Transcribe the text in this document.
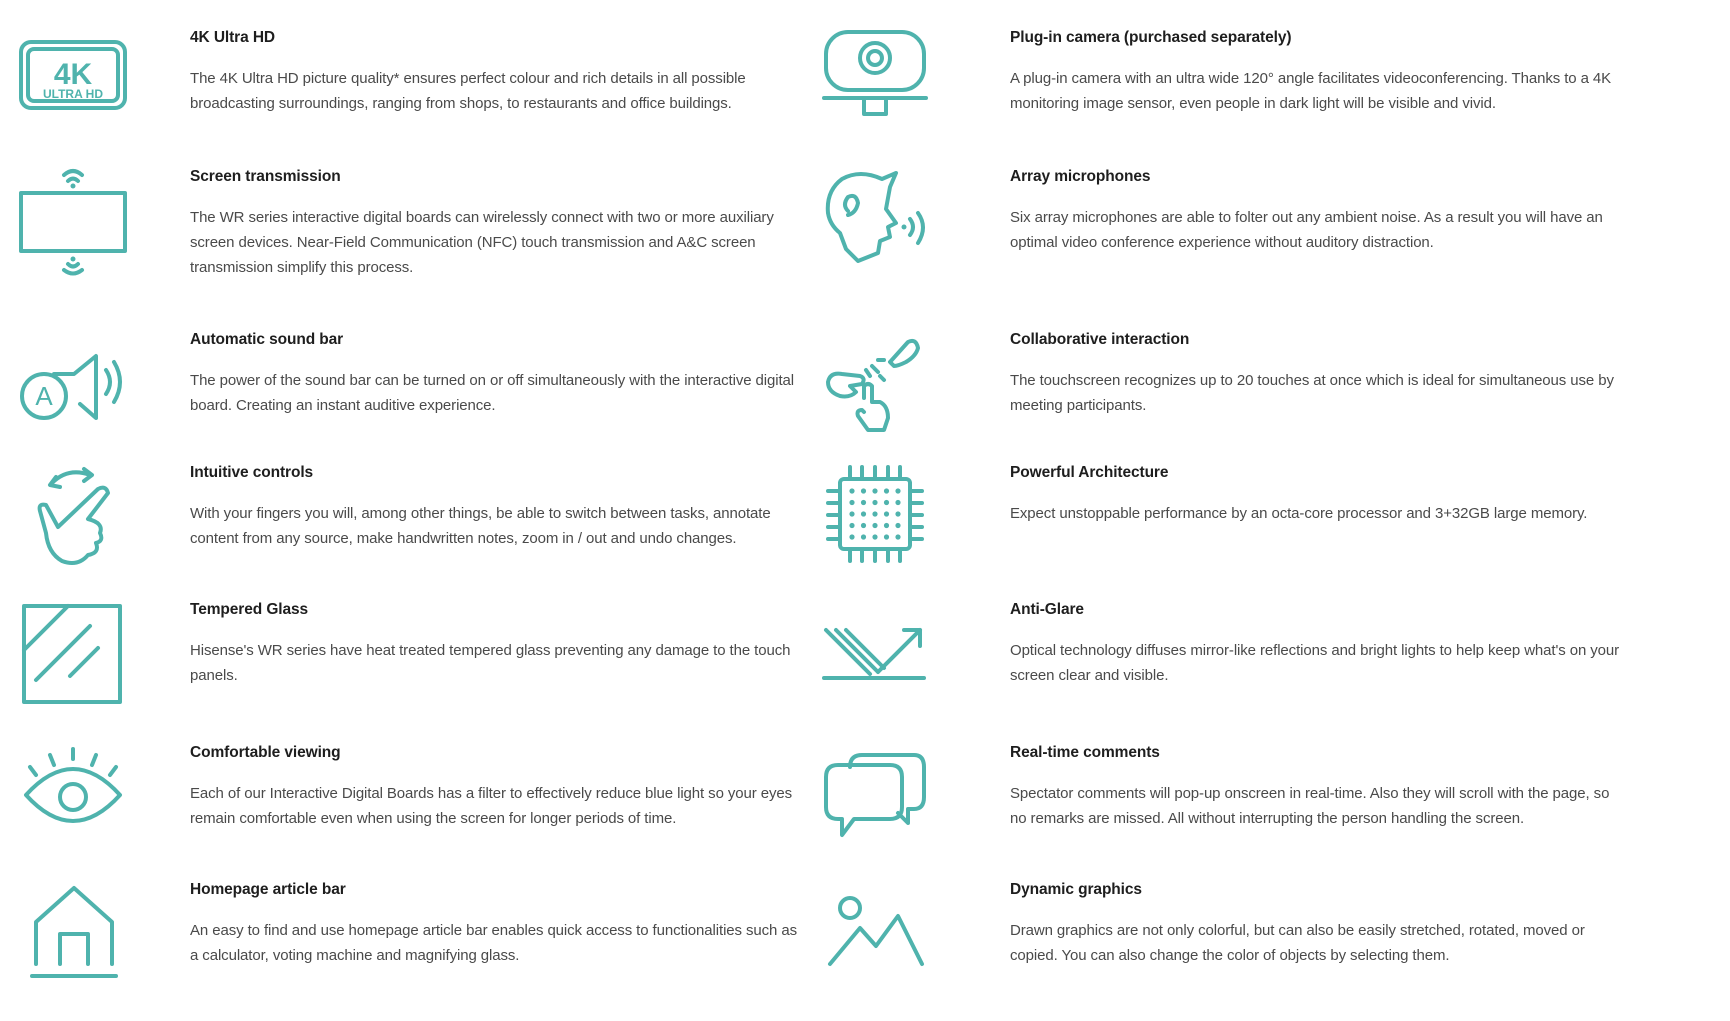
4K
ULTRA HD
4K Ultra HD

The 4K Ultra HD picture quality* ensures perfect colour and rich details in all possible broadcasting surroundings, ranging from shops, to restaurants and office buildings.

Plug-in camera (purchased separately)

A plug-in camera with an ultra wide 120° angle facilitates videoconferencing. Thanks to a 4K monitoring image sensor, even people in dark light will be visible and vivid.

Screen transmission

The WR series interactive digital boards can wirelessly connect with two or more auxiliary screen devices. Near-Field Communication (NFC) touch transmission and A&C screen transmission simplify this process.

Array microphones

Six array microphones are able to folter out any ambient noise. As a result you will have an optimal video conference experience without auditory distraction.

A
Automatic sound bar

The power of the sound bar can be turned on or off simultaneously with the interactive digital board. Creating an instant auditive experience.

Collaborative interaction

The touchscreen recognizes up to 20 touches at once which is ideal for simultaneous use by meeting participants.

Intuitive controls

With your fingers you will, among other things, be able to switch between tasks, annotate content from any source, make handwritten notes, zoom in / out and undo changes.

Powerful Architecture

Expect unstoppable performance by an octa-core processor and 3+32GB large memory.

Tempered Glass

Hisense's WR series have heat treated tempered glass preventing any damage to the touch panels.

Anti-Glare

Optical technology diffuses mirror-like reflections and bright lights to help keep what's on your screen clear and visible.

Comfortable viewing

Each of our Interactive Digital Boards has a filter to effectively reduce blue light so your eyes remain comfortable even when using the screen for longer periods of time.

Real-time comments

Spectator comments will pop-up onscreen in real-time. Also they will scroll with the page, so no remarks are missed. All without interrupting the person handling the screen.

Homepage article bar

An easy to find and use homepage article bar enables quick access to functionalities such as a calculator, voting machine and magnifying glass.

Dynamic graphics

Drawn graphics are not only colorful, but can also be easily stretched, rotated, moved or copied. You can also change the color of objects by selecting them.
